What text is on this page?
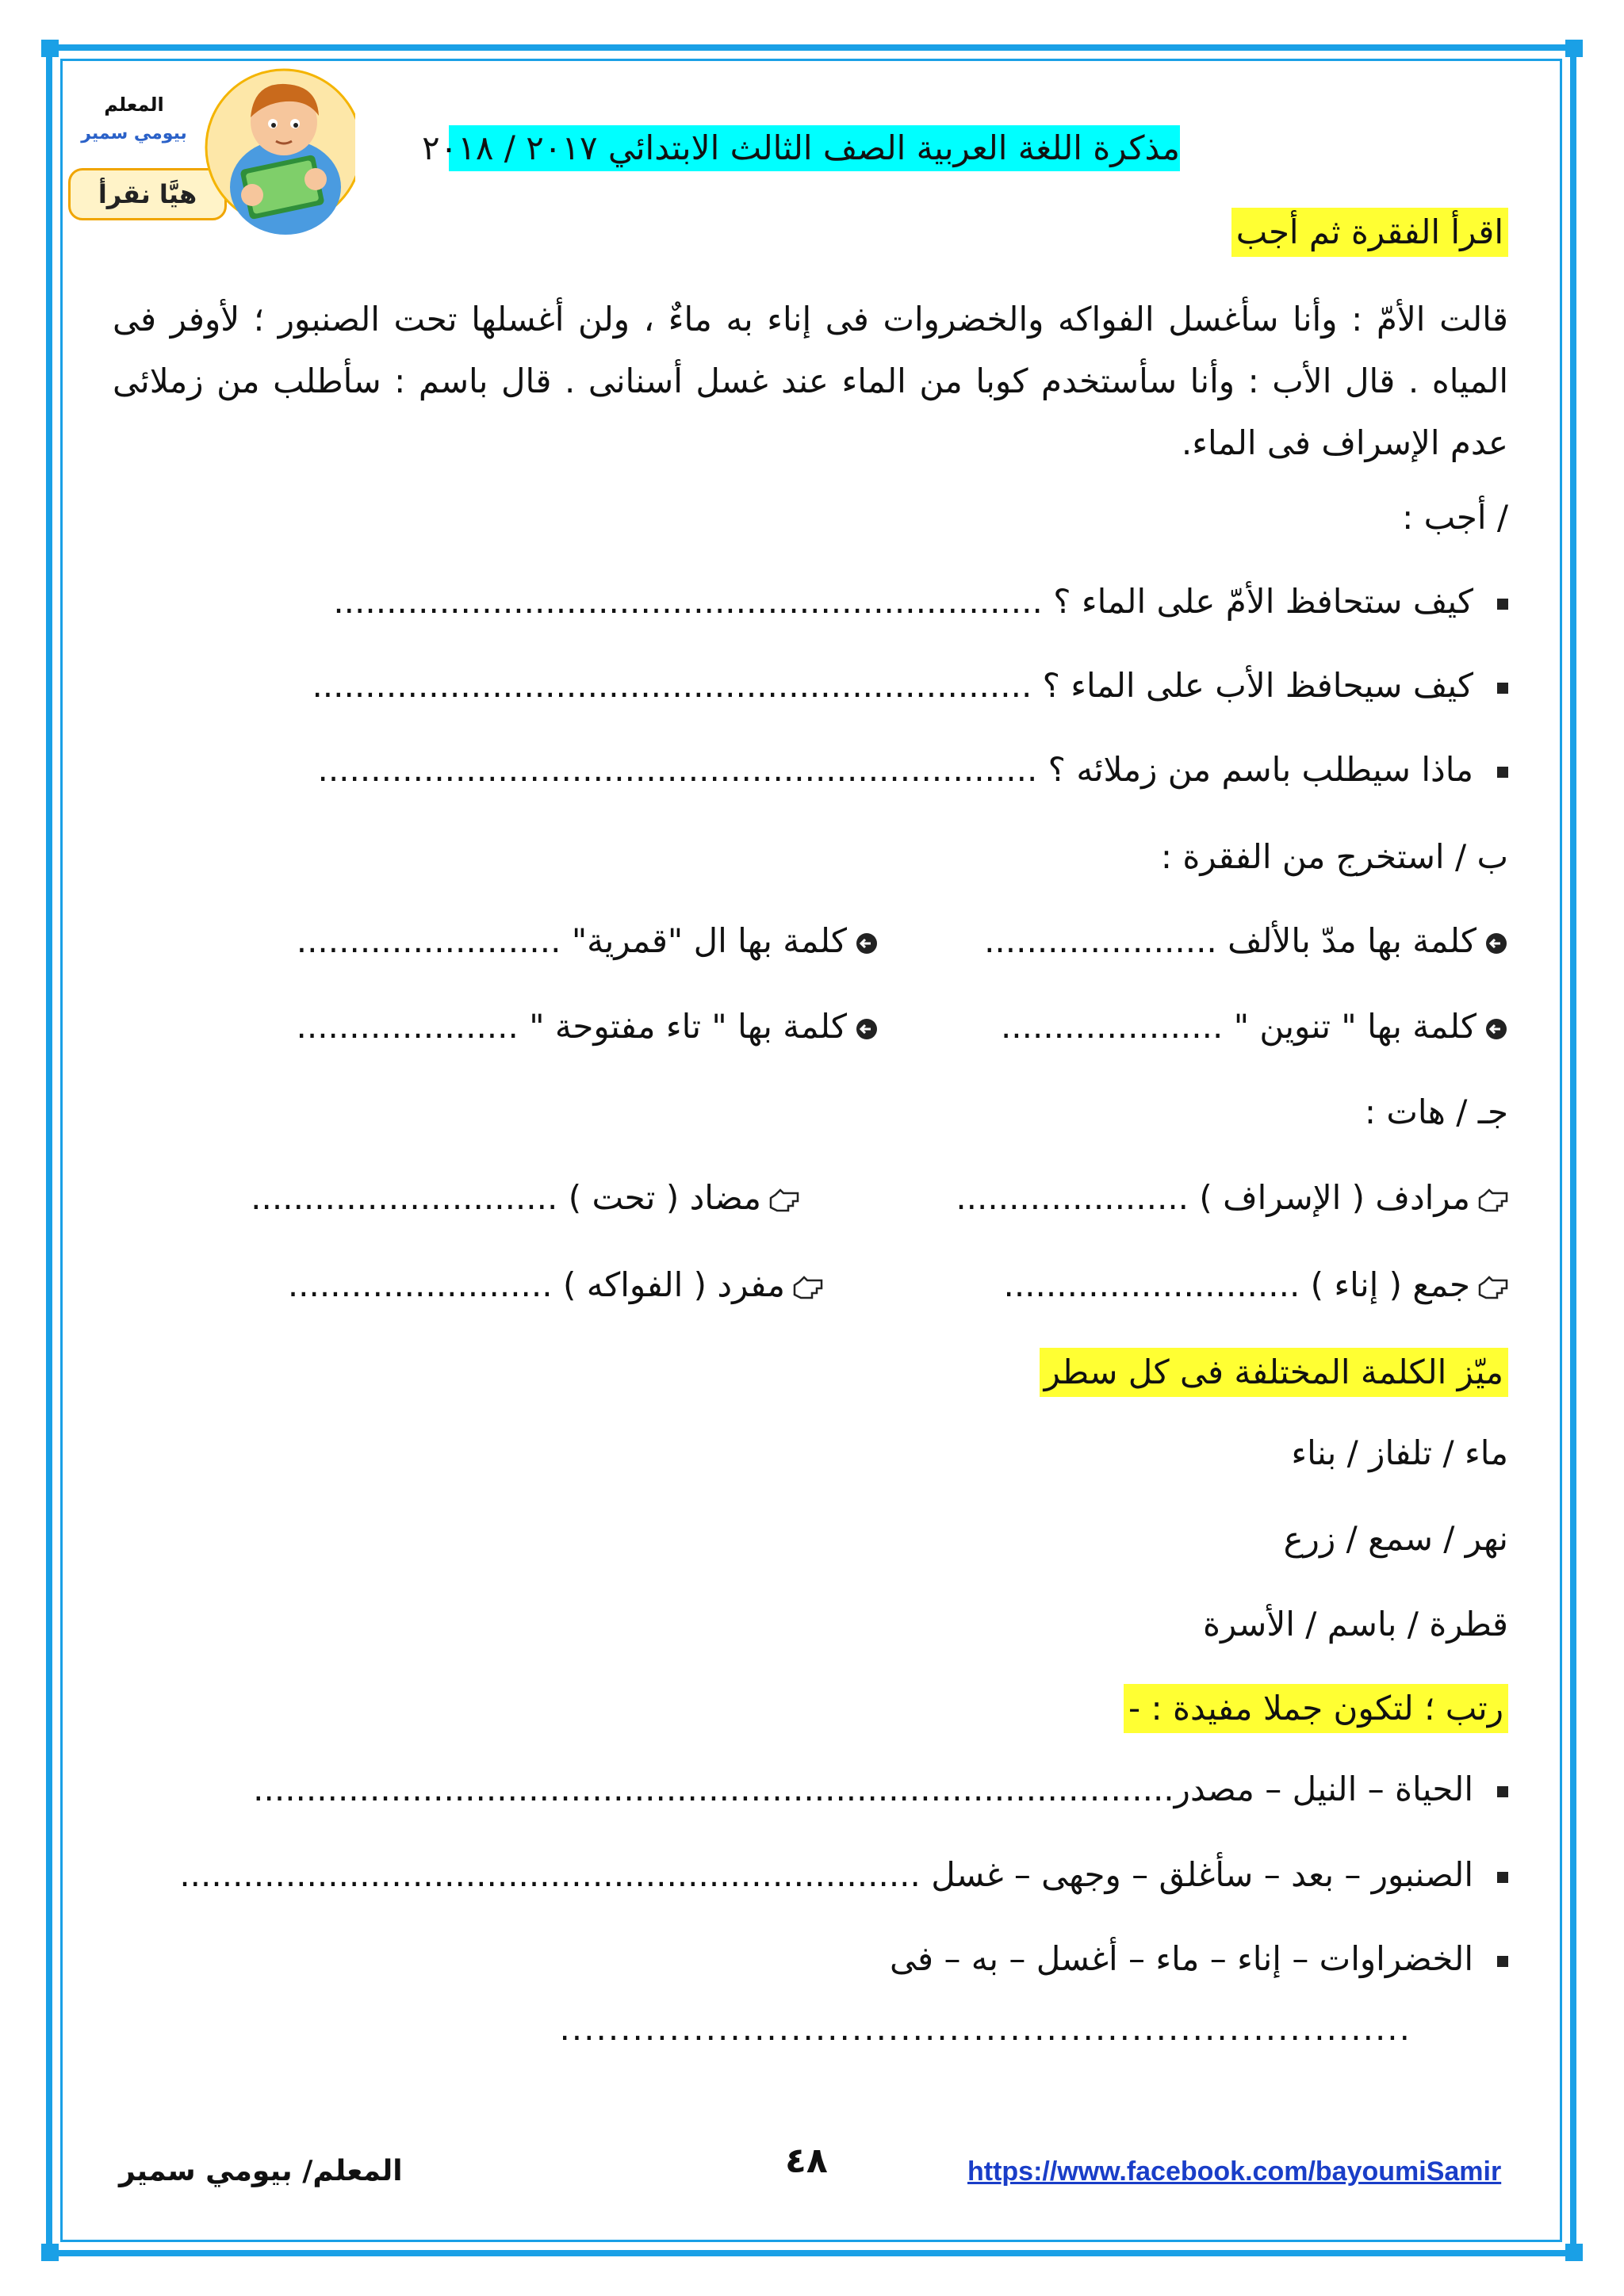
المعلم
بيومي سمير
هيَّا نقرأ
مذكرة اللغة العربية الصف الثالث الابتدائي ٢٠١٧ / ٢٠١٨
اقرأ الفقرة ثم أجب
قالت الأمّ : وأنا سأغسل الفواكه والخضروات فى إناء به ماءٌ ، ولن أغسلها تحت الصنبور ؛ لأوفر فى المياه . قال الأب : وأنا سأستخدم كوبا من الماء عند غسل أسنانى . قال باسم : سأطلب من زملائى عدم الإسراف فى الماء.
/ أجب :
كيف ستحافظ الأمّ على الماء ؟ ...................................................................
كيف سيحافظ الأب على الماء ؟ ....................................................................
ماذا سيطلب باسم من زملائه ؟ ....................................................................
ب / استخرج من الفقرة :
كلمة بها مدّ بالألف ......................
كلمة بها ال "قمرية" .........................
كلمة بها " تنوين " .....................
كلمة بها " تاء مفتوحة " .....................
جـ / هات :
مرادف ( الإسراف ) ......................
مضاد ( تحت ) .............................
جمع ( إناء ) ............................
مفرد ( الفواكه ) .........................
ميّز الكلمة المختلفة فى كل سطر
ماء / تلفاز / بناء
نهر / سمع / زرع
قطرة / باسم / الأسرة
رتب ؛ لتكون جملا مفيدة : -
الحياة – النيل – مصدر.......................................................................................
الصنبور – بعد – سأغلق – وجهى – غسل ......................................................................
الخضراوات – إناء – ماء – أغسل – به – فى
......................................................................
https://www.facebook.com/bayoumiSamir
٤٨
المعلم/ بيومي سمير
